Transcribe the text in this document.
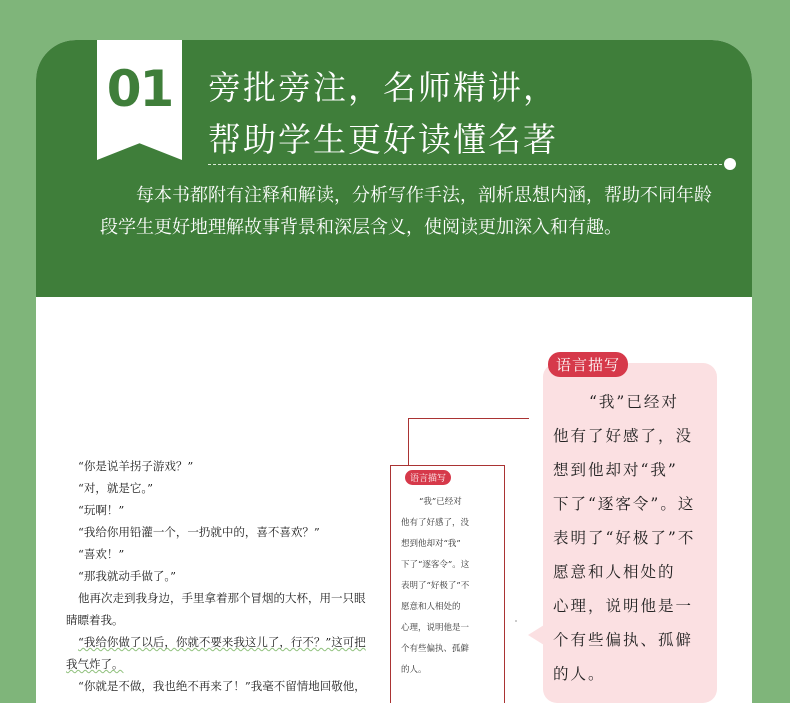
01 旁批旁注，名师精讲，
帮助学生更好读懂名著

每本书都附有注释和解读，分析写作手法，剖析思想内涵，帮助不同年龄段学生更好地理解故事背景和深层含义，使阅读更加深入和有趣。

“你是说羊拐子游戏？”
“对，就是它。”
“玩啊！”
“我给你用铅灌一个，一扔就中的，喜不喜欢？”
“喜欢！”
“那我就动手做了。”
他再次走到我身边，手里拿着那个冒烟的大杯，用一只眼
睛瞟着我。
“我给你做了以后，你就不要来我这儿了，行不？”这可把
我气炸了。
“你就是不做，我也绝不再来了！”我毫不留情地回敬他，
语言描写
“我”已经对
他有了好感了，没
想到他却对“我”
下了“逐客令”。这
表明了“好极了”不
愿意和人相处的
心理，说明他是一
个有些偏执、孤僻
的人。
语言描写
“我”已经对
他有了好感了，没
想到他却对“我”
下了“逐客令”。这
表明了“好极了”不
愿意和人相处的
心理，说明他是一
个有些偏执、孤僻
的人。
